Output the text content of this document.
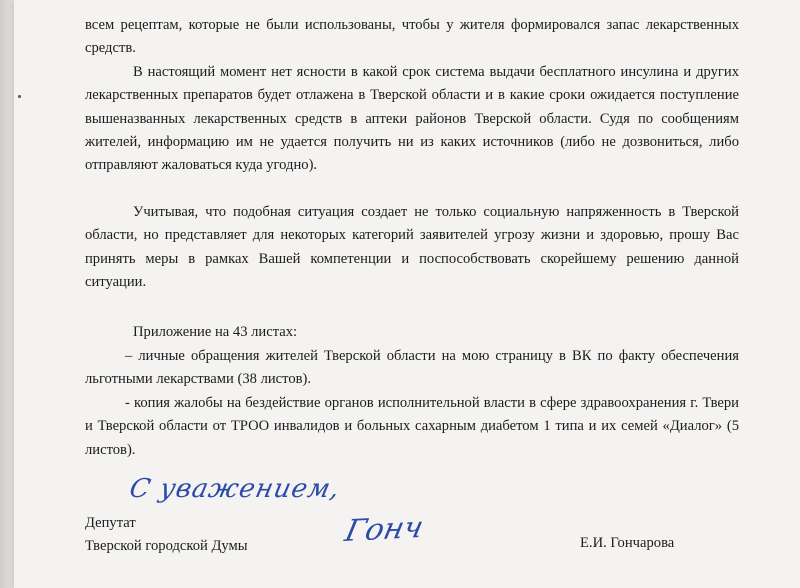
всем рецептам, которые не были использованы, чтобы у жителя формировался запас лекарственных средств.

В настоящий момент нет ясности в какой срок система выдачи бесплатного инсулина и других лекарственных препаратов будет отлажена в Тверской области и в какие сроки ожидается поступление вышеназванных лекарственных средств в аптеки районов Тверской области. Судя по сообщениям жителей, информацию им не удается получить ни из каких источников (либо не дозвониться, либо отправляют жаловаться куда угодно).

Учитывая, что подобная ситуация создает не только социальную напряженность в Тверской области, но представляет для некоторых категорий заявителей угрозу жизни и здоровью, прошу Вас принять меры в рамках Вашей компетенции и поспособствовать скорейшему решению данной ситуации.

Приложение на 43 листах:

– личные обращения жителей Тверской области на мою страницу в ВК по факту обеспечения льготными лекарствами (38 листов).

- копия жалобы на бездействие органов исполнительной власти в сфере здравоохранения г. Твери и Тверской области от ТРОО инвалидов и больных сахарным диабетом 1 типа и их семей «Диалог» (5 листов).

С уважением,
Депутат
Тверской городской Думы	Гонч	Е.И. Гончарова
